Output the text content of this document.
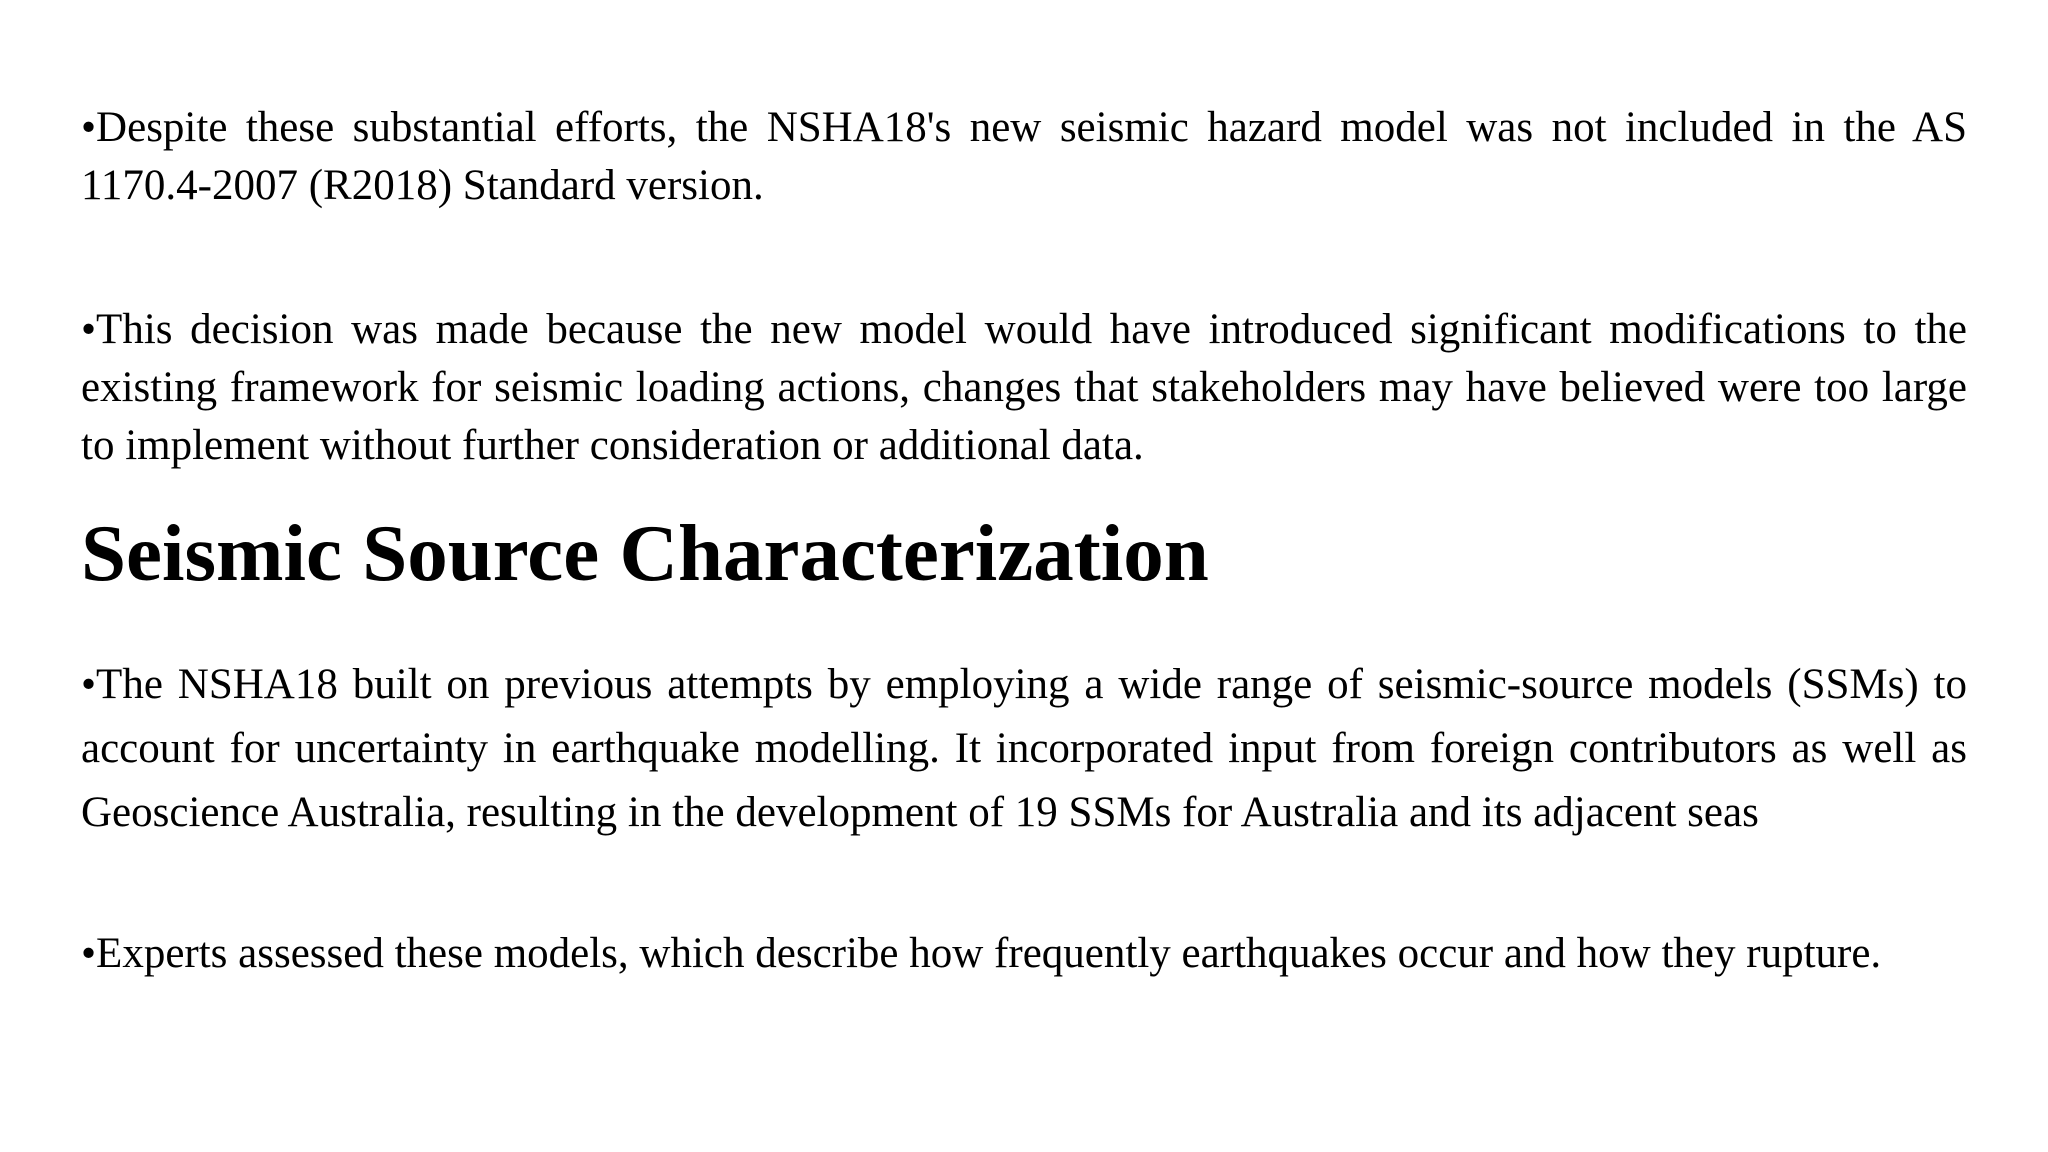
•Despite these substantial efforts, the NSHA18's new seismic hazard model was not included in the AS 1170.4-2007 (R2018) Standard version.

•This decision was made because the new model would have introduced significant modifications to the existing framework for seismic loading actions, changes that stakeholders may have believed were too large to implement without further consideration or additional data.

Seismic Source Characterization

•The NSHA18 built on previous attempts by employing a wide range of seismic-source models (SSMs) to account for uncertainty in earthquake modelling. It incorporated input from foreign contributors as well as Geoscience Australia, resulting in the development of 19 SSMs for Australia and its adjacent seas

•Experts assessed these models, which describe how frequently earthquakes occur and how they rupture.
